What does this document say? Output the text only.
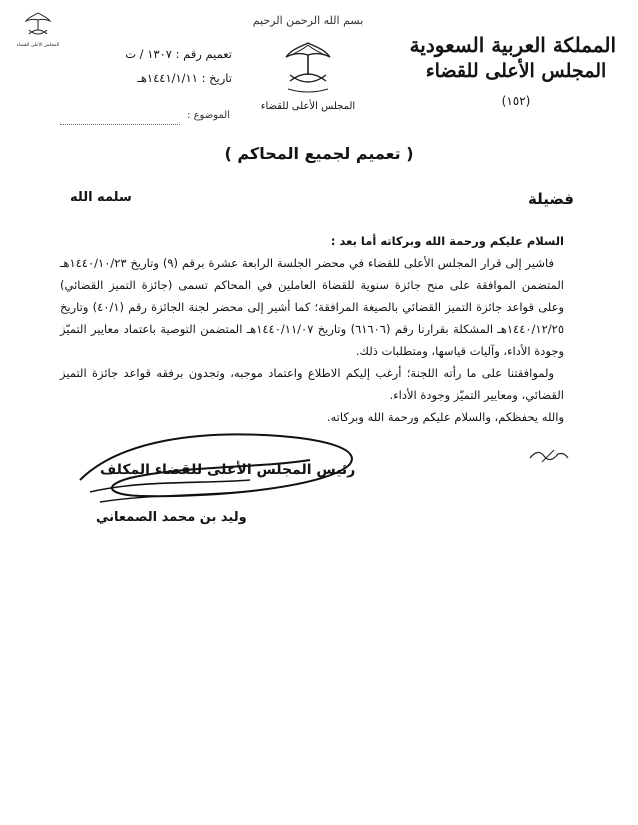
المملكة العربية السعودية
المجلس الأعلى للقضاء
(١٥٢)
بسم الله الرحمن الرحيم
المجلس الأعلى للقضاء
المجلس الأعلى للقضاء
تعميم رقم : ١٣٠٧ / ت
تاريخ : ١٤٤١/١/١١هـ
الموضوع :
( تعميم لجميع المحاكم )
فضيلة
سلمه الله

السلام عليكم ورحمة الله وبركاته أما بعد :

فاشير إلى قرار المجلس الأعلى للقضاء في محضر الجلسة الرابعة عشرة برقم (٩) وتاريخ ١٤٤٠/١٠/٢٣هـ المتضمن الموافقة على منح جائزة سنوية للقضاة العاملين في المحاكم تسمى (جائزة التميز القضائي) وعلى قواعد جائزة التميز القضائي بالصيغة المرافقة؛ كما أشير إلى محضر لجنة الجائزة رقم (٤٠/١) وتاريخ ١٤٤٠/١٢/٢٥هـ المشكلة بقرارنا رقم (٦١٦٠٦) وتاريخ ١٤٤٠/١١/٠٧هـ المتضمن التوصية باعتماد معايير التميّز وجودة الأداء، وآليات قياسها، ومتطلبات ذلك.

ولموافقتنا على ما رأته اللجنة؛ أرغب إليكم الاطلاع واعتماد موجبه، وتجدون برفقه قواعد جائزة التميز القضائي، ومعايير التميّز وجودة الأداء.

والله يحفظكم، والسلام عليكم ورحمة الله وبركاته.

رئيس المجلس الأعلى للقضاء المكلف
وليد بن محمد الصمعاني
